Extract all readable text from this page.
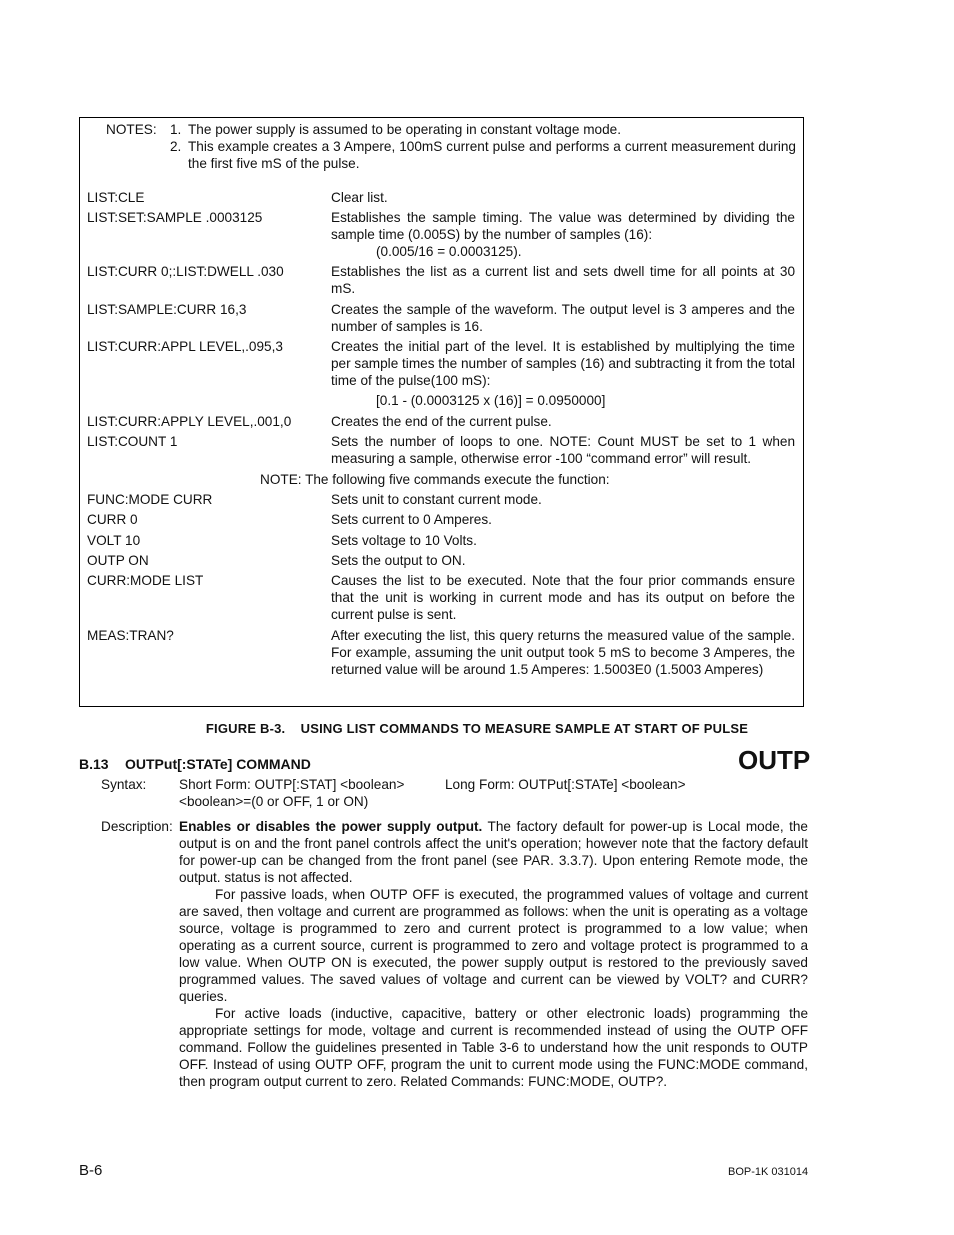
NOTES: 1. The power supply is assumed to be operating in constant voltage mode.
2. This example creates a 3 Ampere, 100mS current pulse and performs a current measurement during the first five mS of the pulse.
LIST:CLE	Clear list.
LIST:SET:SAMPLE .0003125	Establishes the sample timing. The value was determined by dividing the sample time (0.005S) by the number of samples (16):
(0.005/16 = 0.0003125).
LIST:CURR 0;:LIST:DWELL .030	Establishes the list as a current list and sets dwell time for all points at 30 mS.
LIST:SAMPLE:CURR 16,3	Creates the sample of the waveform. The output level is 3 amperes and the number of samples is 16.
LIST:CURR:APPL LEVEL,.095,3	Creates the initial part of the level. It is established by multiplying the time per sample times the number of samples (16) and subtracting it from the total time of the pulse(100 mS):
[0.1 - (0.0003125 x (16)] = 0.0950000]
LIST:CURR:APPLY LEVEL,.001,0	Creates the end of the current pulse.
LIST:COUNT 1	Sets the number of loops to one. NOTE: Count MUST be set to 1 when measuring a sample, otherwise error -100 “command error” will result.
NOTE: The following five commands execute the function:
FUNC:MODE CURR	Sets unit to constant current mode.
CURR 0	Sets current to 0 Amperes.
VOLT 10	Sets voltage to 10 Volts.
OUTP ON	Sets the output to ON.
CURR:MODE LIST	Causes the list to be executed. Note that the four prior commands ensure that the unit is working in current mode and has its output on before the current pulse is sent.
MEAS:TRAN?	After executing the list, this query returns the measured value of the sample. For example, assuming the unit output took 5 mS to become 3 Amperes, the returned value will be around 1.5 Amperes: 1.5003E0 (1.5003 Amperes)
FIGURE B-3.    USING LIST COMMANDS TO MEASURE SAMPLE AT START OF PULSE
B.13 OUTPut[:STATe] COMMAND	OUTP
Syntax: Short Form: OUTP[:STAT] <boolean>	Long Form: OUTPut[:STATe] <boolean>
<boolean>=(0 or OFF, 1 or ON)
Description: Enables or disables the power supply output. The factory default for power-up is Local mode, the output is on and the front panel controls affect the unit's operation; however note that the factory default for power-up can be changed from the front panel (see PAR. 3.3.7). Upon entering Remote mode, the output. status is not affected.

For passive loads, when OUTP OFF is executed, the programmed values of voltage and current are saved, then voltage and current are programmed as follows: when the unit is operating as a voltage source, voltage is programmed to zero and current protect is programmed to a low value; when operating as a current source, current is programmed to zero and voltage protect is programmed to a low value. When OUTP ON is executed, the power supply output is restored to the previously saved programmed values. The saved values of voltage and current can be viewed by VOLT? and CURR? queries.

For active loads (inductive, capacitive, battery or other electronic loads) programming the appropriate settings for mode, voltage and current is recommended instead of using the OUTP OFF command. Follow the guidelines presented in Table 3-6 to understand how the unit responds to OUTP OFF. Instead of using OUTP OFF, program the unit to current mode using the FUNC:MODE command, then program output current to zero. Related Commands: FUNC:MODE, OUTP?.

B-6	BOP-1K 031014
